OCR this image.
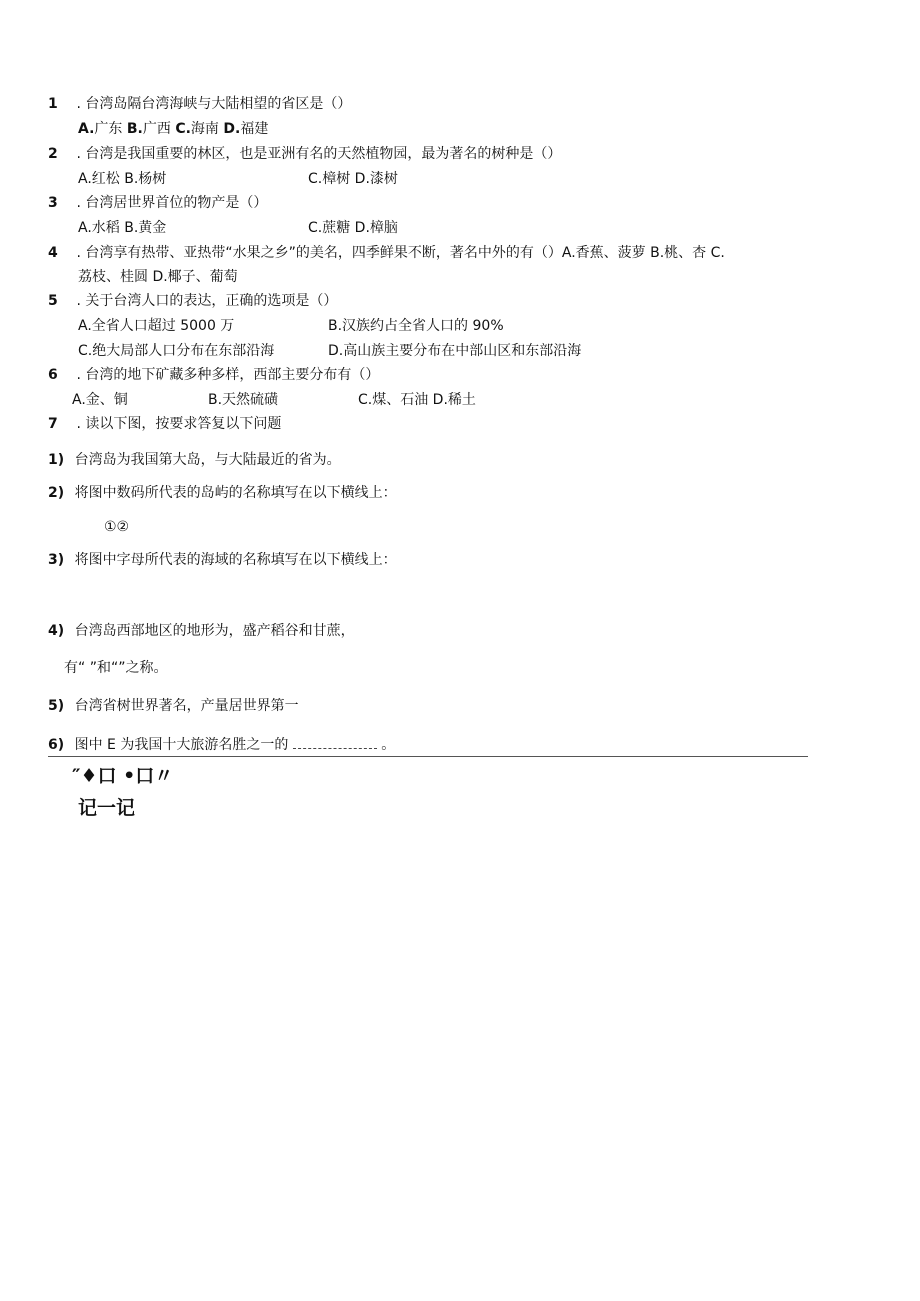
1 . 台湾岛隔台湾海峡与大陆相望的省区是（）
A.广东 B.广西 C.海南 D.福建
2 . 台湾是我国重要的林区，也是亚洲有名的天然植物园，最为著名的树种是（）
A.红松 B.杨树	C.樟树 D.漆树
3 . 台湾居世界首位的物产是（）
A.水稻 B.黄金	C.蔗糖 D.樟脑
4 . 台湾享有热带、亚热带“水果之乡”的美名，四季鲜果不断，著名中外的有（）A.香蕉、菠萝 B.桃、杏 C.
荔枝、桂圆 D.椰子、葡萄
5 . 关于台湾人口的表达，正确的选项是（）
A.全省人口超过 5000 万	B.汉族约占全省人口的 90%
C.绝大局部人口分布在东部沿海	D.高山族主要分布在中部山区和东部沿海
6 . 台湾的地下矿藏多种多样，西部主要分布有（）
A.金、铜	B.天然硫磺	C.煤、石油 D.稀土
7 . 读以下图，按要求答复以下问题
1) 台湾岛为我国第大岛，与大陆最近的省为。
2) 将图中数码所代表的岛屿的名称填写在以下横线上：
①②
3) 将图中字母所代表的海域的名称填写在以下横线上：
4) 台湾岛西部地区的地形为，盛产稻谷和甘蔗，
有“ ”和“”之称。
5) 台湾省树世界著名，产量居世界第一
6) 图中 E 为我国十大旅游名胜之一的	。
″♦口 •口〃
记一记
